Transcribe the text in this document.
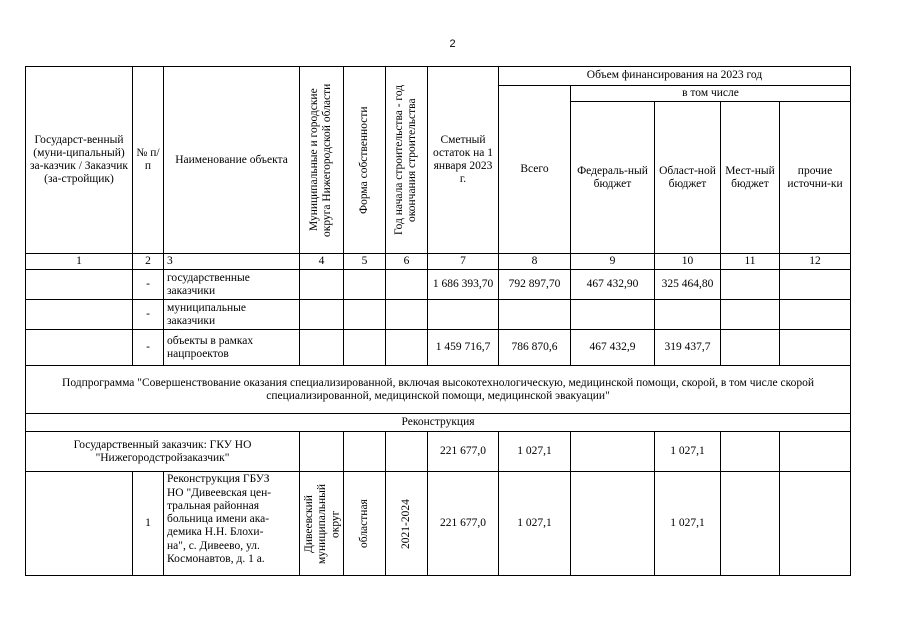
2
Государст-венный (муни-ципальный) за-казчик / Заказчик (за-стройщик)	№ п/п	Наименование объекта	Муниципальные и городские округа Нижегородской области	Форма собственности	Год начала строительства - год окончания строительства	Сметный остаток на 1 января 2023 г.	Объем финансирования на 2023 год				
							Всего	в том числе			
								Федераль-ный бюджет	Област-ной бюджет	Мест-ный бюджет	прочие источни-ки
1	2	3	4	5	6	7	8	9	10	11	12
	-	государственные заказчики				1 686 393,70	792 897,70	467 432,90	325 464,80		
	-	муниципальные заказчики									
	-	объекты в рамках нацпроектов				1 459 716,7	786 870,6	467 432,9	319 437,7		
Подпрограмма "Совершенствование оказания специализированной, включая высокотехнологическую, медицинской помощи, скорой, в том числе скорой специализированной, медицинской помощи, медицинской эвакуации"											
Реконструкция											
Государственный заказчик: ГКУ НО "Нижегородстройзаказчик"						221 677,0	1 027,1		1 027,1		
	1	Реконструкция ГБУЗ НО "Дивеевская цен-тральная районная больница имени ака-демика Н.Н. Блохи-на", с. Дивеево, ул. Космонавтов, д. 1 а.	Дивеевский муниципальный округ	областная	2021-2024	221 677,0	1 027,1		1 027,1		
